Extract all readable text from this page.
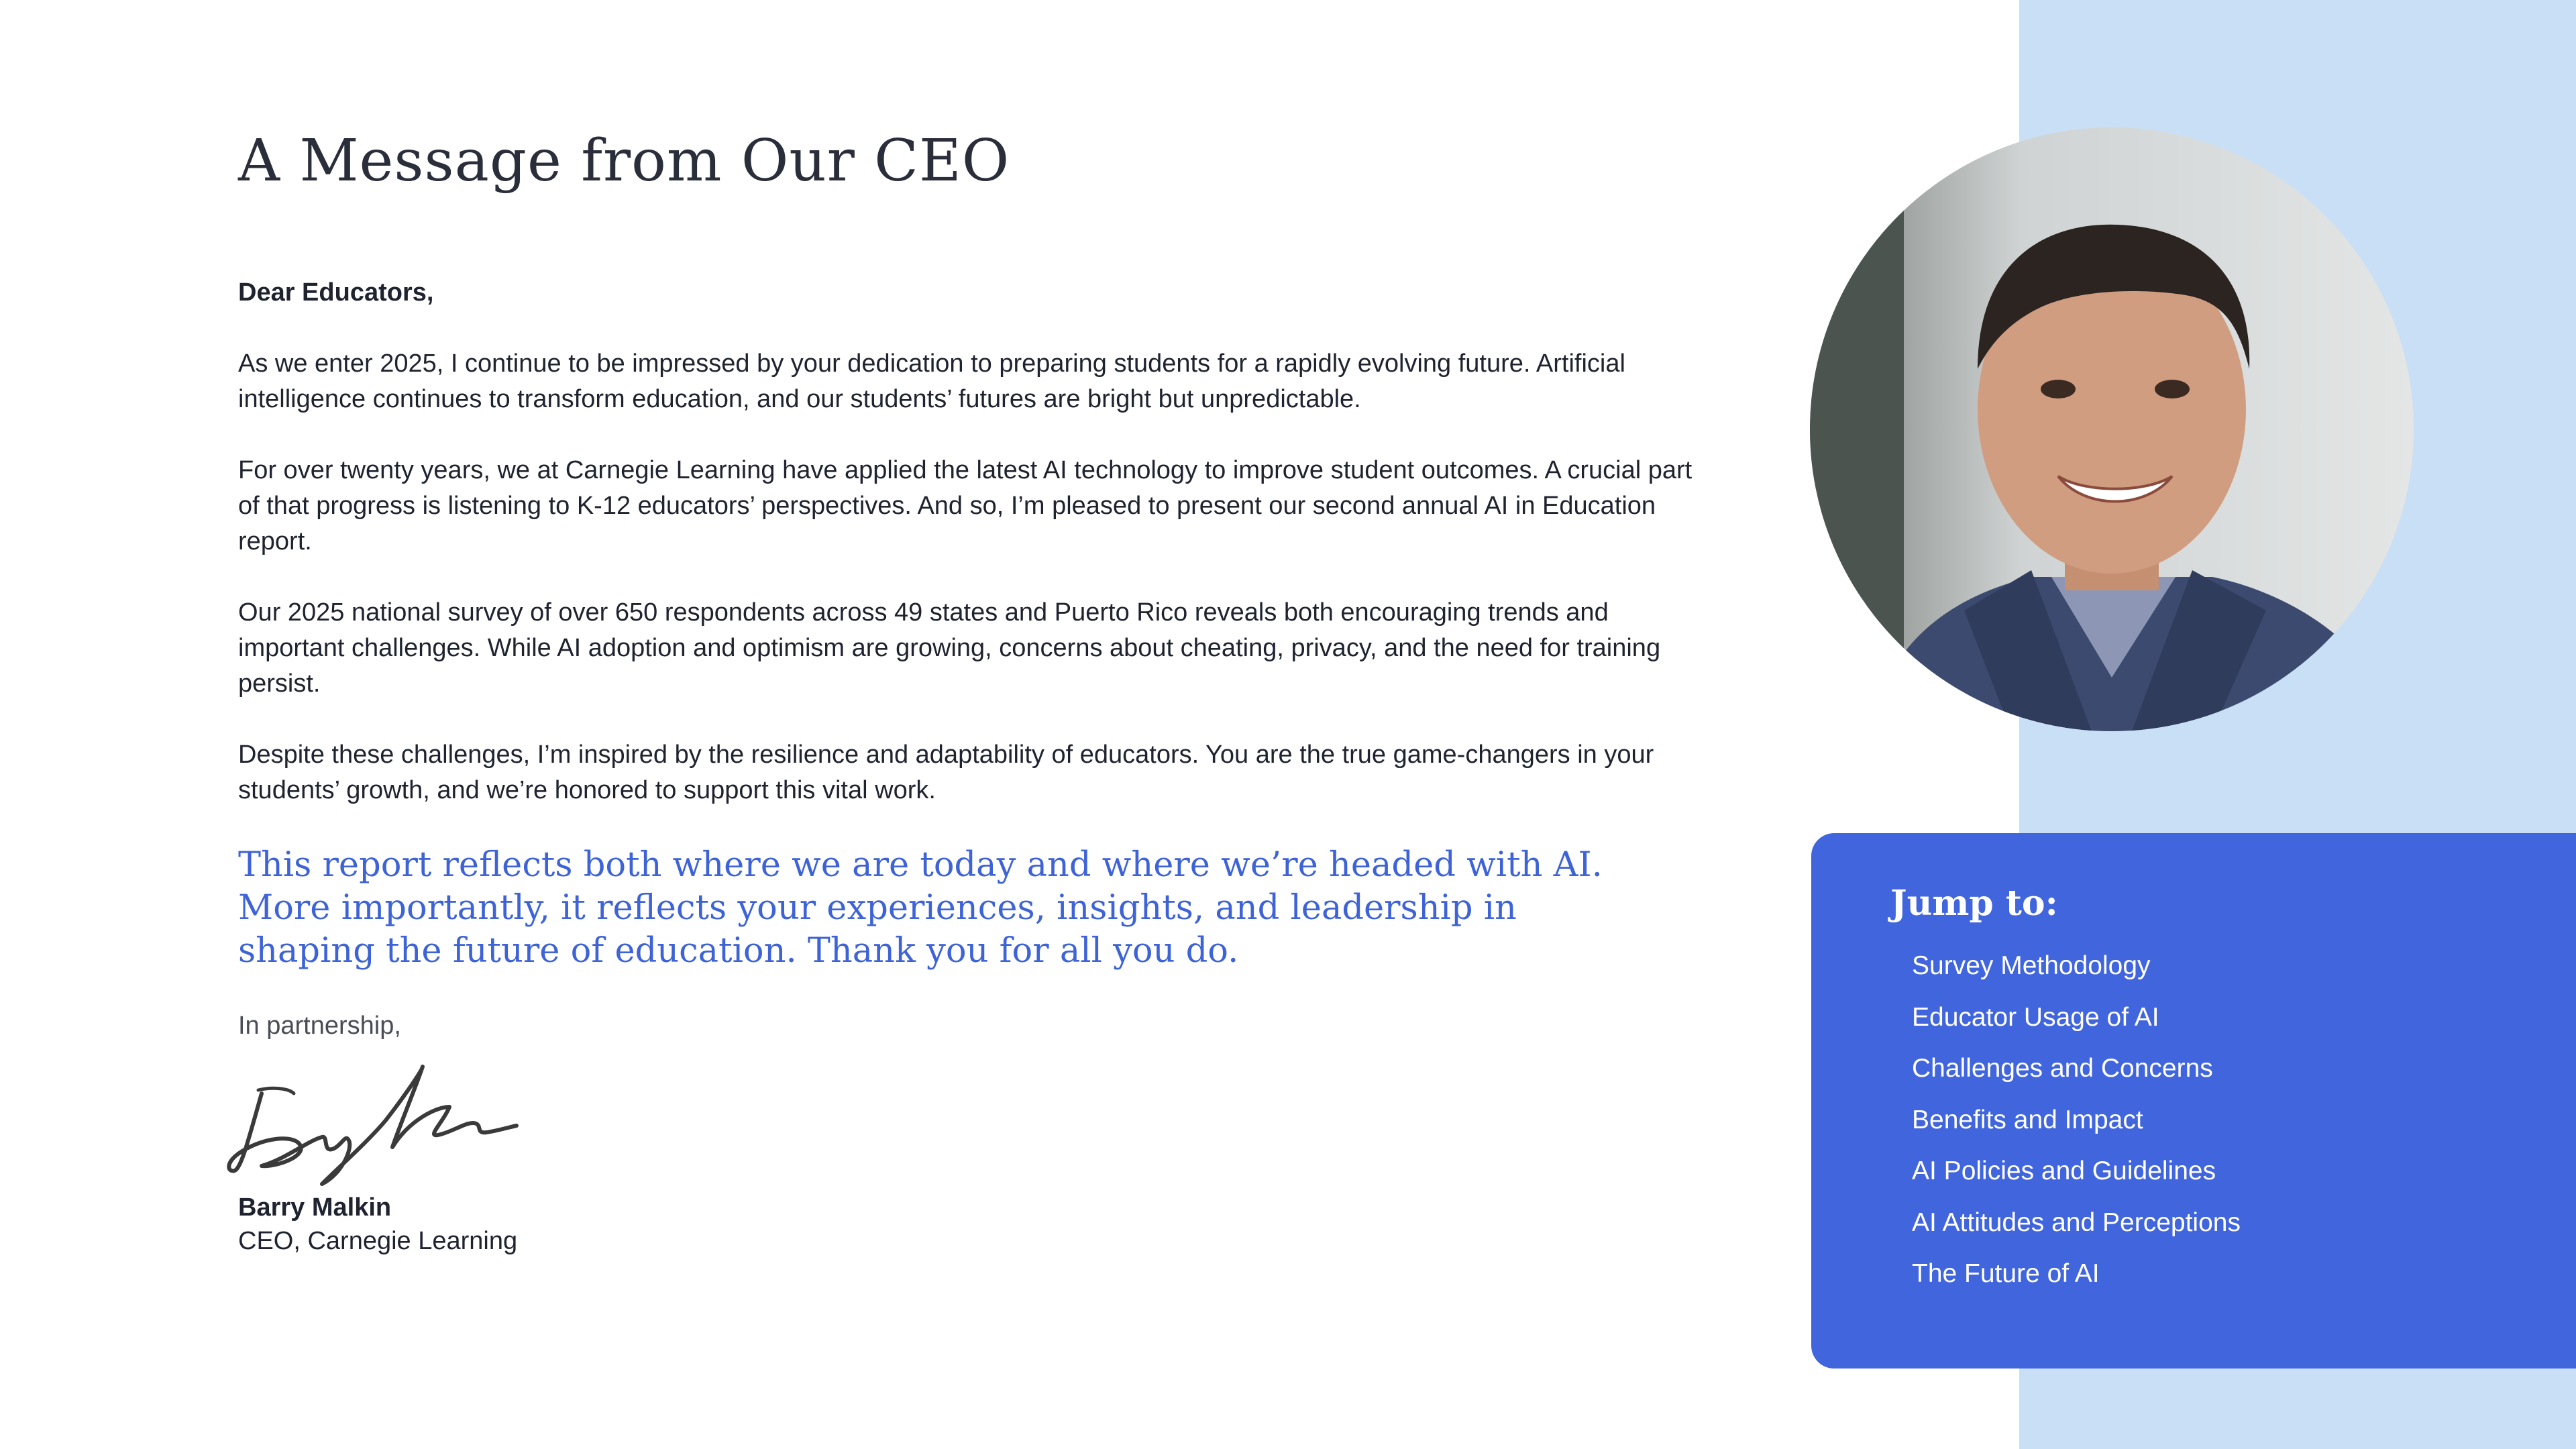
A Message from Our CEO

Dear Educators,

As we enter 2025, I continue to be impressed by your dedication to preparing students for a rapidly evolving future. Artificial intelligence continues to transform education, and our students’ futures are bright but unpredictable.

For over twenty years, we at Carnegie Learning have applied the latest AI technology to improve student outcomes. A crucial part of that progress is listening to K-12 educators’ perspectives. And so, I’m pleased to present our second annual AI in Education report.

Our 2025 national survey of over 650 respondents across 49 states and Puerto Rico reveals both encouraging trends and important challenges. While AI adoption and optimism are growing, concerns about cheating, privacy, and the need for training persist.

Despite these challenges, I’m inspired by the resilience and adaptability of educators. You are the true game-changers in your students’ growth, and we’re honored to support this vital work.

This report reflects both where we are today and where we’re headed with AI. More importantly, it reflects your experiences, insights, and leadership in shaping the future of education. Thank you for all you do.

In partnership,

Barry Malkin
CEO, Carnegie Learning
Jump to:
Survey Methodology
Educator Usage of AI
Challenges and Concerns
Benefits and Impact
AI Policies and Guidelines
AI Attitudes and Perceptions
The Future of AI
